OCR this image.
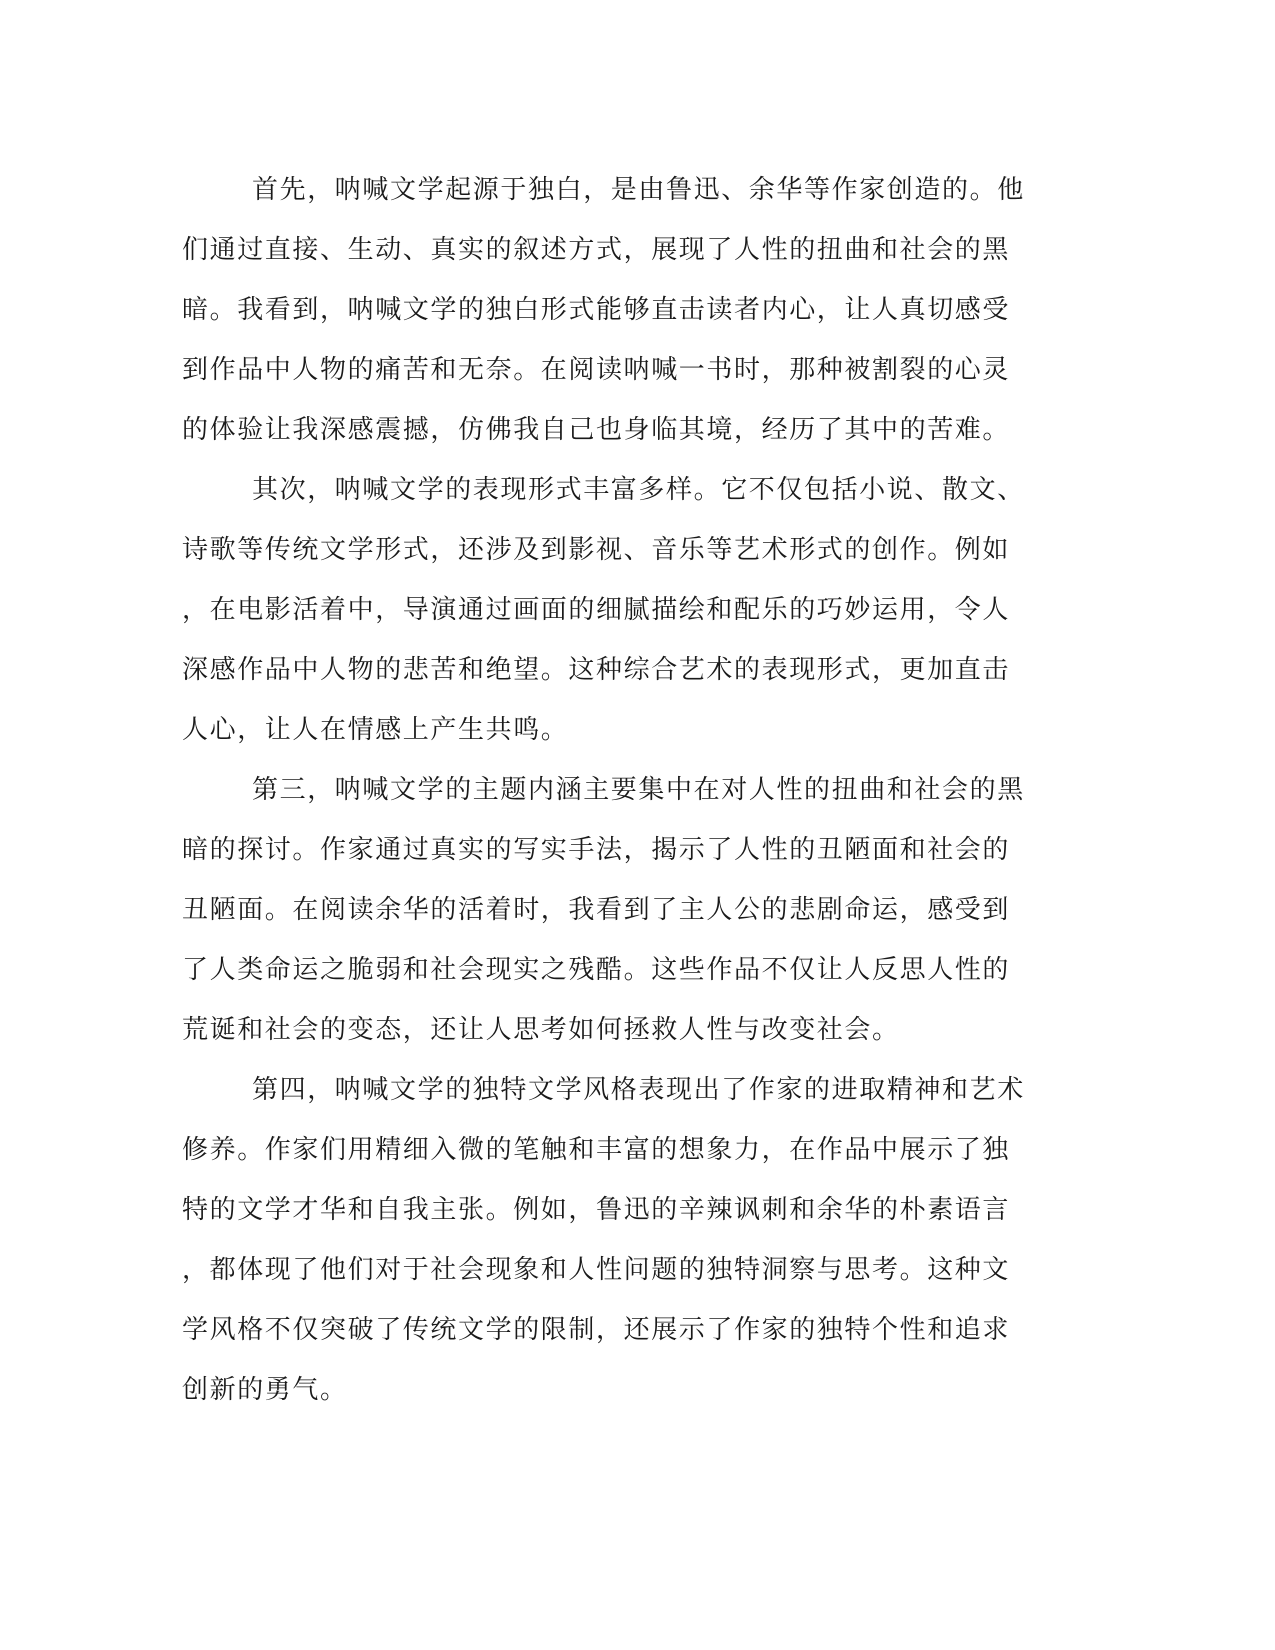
首先，呐喊文学起源于独白，是由鲁迅、余华等作家创造的。他
们通过直接、生动、真实的叙述方式，展现了人性的扭曲和社会的黑
暗。我看到，呐喊文学的独白形式能够直击读者内心，让人真切感受
到作品中人物的痛苦和无奈。在阅读呐喊一书时，那种被割裂的心灵
的体验让我深感震撼，仿佛我自己也身临其境，经历了其中的苦难。
其次，呐喊文学的表现形式丰富多样。它不仅包括小说、散文、
诗歌等传统文学形式，还涉及到影视、音乐等艺术形式的创作。例如
，在电影活着中，导演通过画面的细腻描绘和配乐的巧妙运用，令人
深感作品中人物的悲苦和绝望。这种综合艺术的表现形式，更加直击
人心，让人在情感上产生共鸣。
第三，呐喊文学的主题内涵主要集中在对人性的扭曲和社会的黑
暗的探讨。作家通过真实的写实手法，揭示了人性的丑陋面和社会的
丑陋面。在阅读余华的活着时，我看到了主人公的悲剧命运，感受到
了人类命运之脆弱和社会现实之残酷。这些作品不仅让人反思人性的
荒诞和社会的变态，还让人思考如何拯救人性与改变社会。
第四，呐喊文学的独特文学风格表现出了作家的进取精神和艺术
修养。作家们用精细入微的笔触和丰富的想象力，在作品中展示了独
特的文学才华和自我主张。例如，鲁迅的辛辣讽刺和余华的朴素语言
，都体现了他们对于社会现象和人性问题的独特洞察与思考。这种文
学风格不仅突破了传统文学的限制，还展示了作家的独特个性和追求
创新的勇气。
